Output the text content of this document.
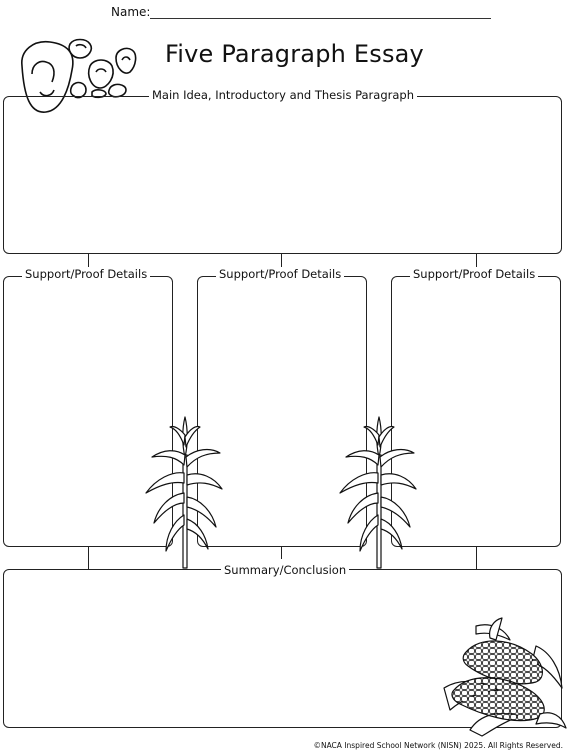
Name:
Five Paragraph Essay
Main Idea, Introductory and Thesis Paragraph
Support/Proof Details	Support/Proof Details	Support/Proof Details
Summary/Conclusion
©NACA Inspired School Network (NISN) 2025. All Rights Reserved.
